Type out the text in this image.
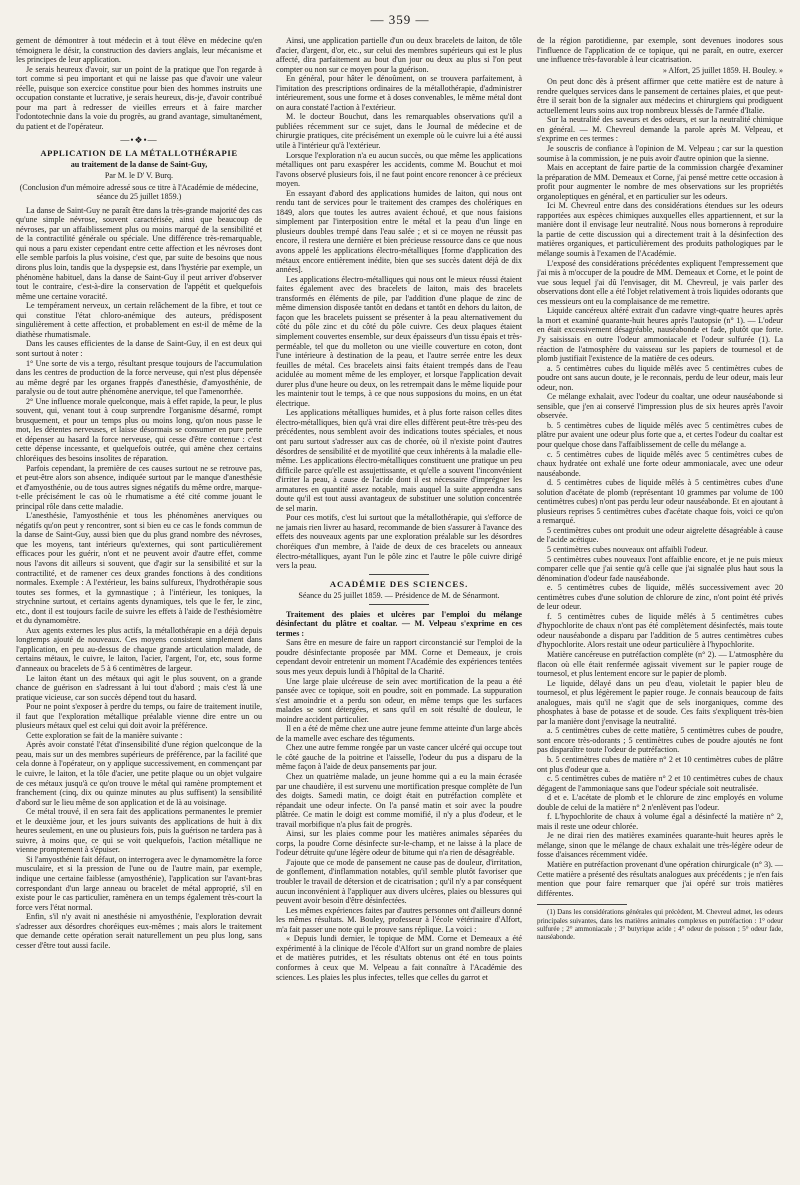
— 359 —

gement de démontrer à tout médecin et à tout élève en médecine qu'en témoignera le désir, la construction des daviers anglais, leur mécanisme et les principes de leur application.

Je serais heureux d'avoir, sur un point de la pratique que l'on regarde à tort comme si peu important et qui ne laisse pas que d'avoir une valeur réelle, puisque son exercice constitue pour bien des hommes instruits une occupation constante et lucrative, je serais heureux, dis-je, d'avoir contribué pour ma part à redresser de vieilles erreurs et à faire marcher l'odontotechnie dans la voie du progrès, au grand avantage, simultanément, du patient et de l'opérateur.

—•❖•—
APPLICATION DE LA MÉTALLOTHÉRAPIE
au traitement de la danse de Saint-Guy,
Par M. le D' V. Burq.
(Conclusion d'un mémoire adressé sous ce titre à l'Académie de médecine, séance du 25 juillet 1859.)

La danse de Saint-Guy ne paraît être dans la très-grande majorité des cas qu'une simple névrose, souvent caractérisée, ainsi que beaucoup de névroses, par un affaiblissement plus ou moins marqué de la sensibilité et de la contractilité générale ou spéciale. Une différence très-remarquable, qui nous a paru exister cependant entre cette affection et les névroses dont elle semble parfois la plus voisine, c'est que, par suite de besoins que nous dirons plus loin, tandis que la dyspepsie est, dans l'hystérie par exemple, un phénomène habituel, dans la danse de Saint-Guy il peut arriver d'observer tout le contraire, c'est-à-dire la conservation de l'appétit et quelquefois même une certaine voracité.

Le tempérament nerveux, un certain relâchement de la fibre, et tout ce qui constitue l'état chloro-anémique des auteurs, prédisposent singulièrement à cette affection, et probablement en est-il de même de la diathèse rhumatismale.

Dans les causes efficientes de la danse de Saint-Guy, il en est deux qui sont surtout à noter :

1° Une sorte de vis a tergo, résultant presque toujours de l'accumulation dans les centres de production de la force nerveuse, qui n'est plus dépensée au même degré par les organes frappés d'anesthésie, d'amyosthénie, de paralysie ou de tout autre phénomène anervique, tel que l'amenorrhée.

2° Une influence morale quelconque, mais à effet rapide, la peur, le plus souvent, qui, venant tout à coup surprendre l'organisme désarmé, rompt brusquement, et pour un temps plus ou moins long, qu'on nous passe le mot, les détentes nerveuses, et laisse désormais se consumer en pure perte et dépenser au hasard la force nerveuse, qui cesse d'être contenue : c'est cette dépense incessante, et quelquefois outrée, qui amène chez certains chloréiques des besoins insolites de réparation.

Parfois cependant, la première de ces causes surtout ne se retrouve pas, et peut-être alors son absence, indiquée surtout par le manque d'anesthésie et d'amyosthénie, ou de tous autres signes négatifs du même ordre, marque-t-elle précisément le cas où le rhumatisme a été cité comme jouant le principal rôle dans cette maladie.

L'anesthésie, l'amyosthénie et tous les phénomènes anerviques ou négatifs qu'on peut y rencontrer, sont si bien eu ce cas le fonds commun de la danse de Saint-Guy, aussi bien que du plus grand nombre des névroses, que les moyens, tant intérieurs qu'externes, qui sont particulièrement efficaces pour les guérir, n'ont et ne peuvent avoir d'autre effet, comme nous l'avons dit ailleurs si souvent, que d'agir sur la sensibilité et sur la contractilité, et de ramener ces deux grandes fonctions à des conditions normales. Exemple : A l'extérieur, les bains sulfureux, l'hydrothérapie sous toutes ses formes, et la gymnastique ; à l'intérieur, les toniques, la strychnine surtout, et certains agents dynamiques, tels que le fer, le zinc, etc., dont il est toujours facile de suivre les effets à l'aide de l'esthésiomètre et du dynamomètre.

Aux agents externes les plus actifs, la métallothérapie en a déjà depuis longtemps ajouté de nouveaux. Ces moyens consistent simplement dans l'application, en peu au-dessus de chaque grande articulation malade, de certains métaux, le cuivre, le laiton, l'acier, l'argent, l'or, etc, sous forme d'anneaux ou bracelets de 5 à 6 centimètres de largeur.

Le laiton étant un des métaux qui agit le plus souvent, on a grande chance de guérison en s'adressant à lui tout d'abord ; mais c'est là une pratique vicieuse, car son succès dépend tout du hasard.

Pour ne point s'exposer à perdre du temps, ou faire de traitement inutile, il faut que l'exploration métallique préalable vienne dire entre un ou plusieurs métaux quel est celui qui doit avoir la préférence.

Cette exploration se fait de la manière suivante :

Après avoir constaté l'état d'insensibilité d'une région quelconque de la peau, mais sur un des membres supérieurs de préférence, par la facilité que cela donne à l'opérateur, on y applique successivement, en commençant par le cuivre, le laiton, et la tôle d'acier, une petite plaque ou un objet vulgaire de ces métaux jusqu'à ce qu'on trouve le métal qui ramène promptement et franchement (cinq, dix ou quinze minutes au plus suffisent) la sensibilité d'abord sur le lieu même de son application et de là au voisinage.

Ce métal trouvé, il en sera fait des applications permanentes le premier et le deuxième jour, et les jours suivants des applications de huit à dix heures seulement, en une ou plusieurs fois, puis la guérison ne tardera pas à suivre, à moins que, ce qui se voit quelquefois, l'action métallique ne vienne promptement à s'épuiser.

Si l'amyosthénie fait défaut, on interrogera avec le dynamomètre la force musculaire, et si la pression de l'une ou de l'autre main, par exemple, indique une certaine faiblesse (amyosthénie), l'application sur l'avant-bras correspondant d'un large anneau ou bracelet de métal approprié, s'il en existe pour le cas particulier, ramènera en un temps également très-court la force vers l'état normal.

Enfin, s'il n'y avait ni anesthésie ni amyosthénie, l'exploration devrait s'adresser aux désordres choréiques eux-mêmes ; mais alors le traitement que demande cette opération serait naturellement un peu plus long, sans cesser d'être tout aussi facile.

Ainsi, une application partielle d'un ou deux bracelets de laiton, de tôle d'acier, d'argent, d'or, etc., sur celui des membres supérieurs qui est le plus affecté, dira parfaitement au bout d'un jour ou deux au plus si l'on peut compter ou non sur ce moyen pour la guérison.

En général, pour hâter le dénoûment, on se trouvera parfaitement, à l'imitation des prescriptions ordinaires de la métallothérapie, d'administrer intérieurement, sous une forme et à doses convenables, le même métal dont on aura constaté l'action à l'extérieur.

M. le docteur Bouchut, dans les remarquables observations qu'il a publiées récemment sur ce sujet, dans le Journal de médecine et de chirurgie pratiques, cite précisément un exemple où le cuivre lui a été aussi utile à l'intérieur qu'à l'extérieur.

Lorsque l'exploration n'a eu aucun succès, ou que même les applications métalliques ont paru exaspérer les accidents, comme M. Bouchut et moi l'avons observé plusieurs fois, il ne faut point encore renoncer à ce précieux moyen.

En essayant d'abord des applications humides de laiton, qui nous ont rendu tant de services pour le traitement des crampes des cholériques en 1849, alors que toutes les autres avaient échoué, et que nous faisions simplement par l'interposition entre le métal et la peau d'un linge en plusieurs doubles trempé dans l'eau salée ; et si ce moyen ne réussit pas encore, il restera une dernière et bien précieuse ressource dans ce que nous avons appelé les applications électro-métalliques [forme d'application des métaux encore entièrement inédite, bien que ses succès datent déjà de dix années].

Les applications électro-métalliques qui nous ont le mieux réussi étaient faites également avec des bracelets de laiton, mais des bracelets transformés en éléments de pile, par l'addition d'une plaque de zinc de même dimension disposée tantôt en dedans et tantôt en dehors du laiton, de façon que les bracelets puissent se présenter à la peau alternativement du côté du pôle zinc et du côté du pôle cuivre. Ces deux plaques étaient simplement couvertes ensemble, sur deux épaisseurs d'un tissu épais et très-perméable, tel que du molleton ou une vieille couverture en coton, dont l'une intérieure à destination de la peau, et l'autre serrée entre les deux feuilles de métal. Ces bracelets ainsi faits étaient trempés dans de l'eau acidulée au moment même de les employer, et lorsque l'application devait durer plus d'une heure ou deux, on les retrempait dans le même liquide pour les maintenir tout le temps, à ce que nous supposions du moins, en un état électrique.

Les applications métalliques humides, et à plus forte raison celles dites électro-métalliques, bien qu'à vrai dire elles diffèrent peut-être très-peu des précédentes, nous semblent avoir des indications toutes spéciales, et nous ont paru surtout s'adresser aux cas de chorée, où il n'existe point d'autres désordres de sensibilité et de myotilité que ceux inhérents à la maladie elle-même. Les applications électro-métalliques constituent une pratique un peu difficile parce qu'elle est assujettissante, et qu'elle a souvent l'inconvénient d'irriter la peau, à cause de l'acide dont il est nécessaire d'imprégner les armatures en quantité assez notable, mais auquel la suite apprendra sans doute qu'il est tout aussi avantageux de substituer une solution concentrée de sel marin.

Pour ces motifs, c'est lui surtout que la métallothérapie, qui s'efforce de ne jamais rien livrer au hasard, recommande de bien s'assurer à l'avance des effets des nouveaux agents par une exploration préalable sur les désordres choréiques d'un membre, à l'aide de deux de ces bracelets ou anneaux électro-métalliques, ayant l'un le pôle zinc et l'autre le pôle cuivre dirigé vers la peau.

ACADÉMIE DES SCIENCES.
Séance du 25 juillet 1859. — Présidence de M. de Sénarmont.

Traitement des plaies et ulcères par l'emploi du mélange désinfectant du plâtre et coaltar. — M. Velpeau s'exprime en ces termes :

Sans être en mesure de faire un rapport circonstancié sur l'emploi de la poudre désinfectante proposée par MM. Corne et Demeaux, je crois cependant devoir entretenir un moment l'Académie des expériences tentées sous mes yeux depuis lundi à l'hôpital de la Charité.

Une large plaie ulcéreuse de sein avec mortification de la peau a été pansée avec ce topique, soit en poudre, soit en pommade. La suppuration s'est amoindrie et a perdu son odeur, en même temps que les surfaces malades se sont détergées, et sans qu'il en soit résulté de douleur, le moindre accident particulier.

Il en a été de même chez une autre jeune femme atteinte d'un large abcès de la mamelle avec eschare des téguments.

Chez une autre femme rongée par un vaste cancer ulcéré qui occupe tout le côté gauche de la poitrine et l'aisselle, l'odeur du pus a disparu de la même façon à l'aide de deux pansements par jour.

Chez un quatrième malade, un jeune homme qui a eu la main écrasée par une chaudière, il est survenu une mortification presque complète de l'un des doigts. Samedi matin, ce doigt était en putréfaction complète et répandait une odeur infecte. On l'a pansé matin et soir avec la poudre plâtrée. Ce matin le doigt est comme momifié, il n'y a plus d'odeur, et le travail morbifique n'a plus fait de progrès.

Ainsi, sur les plaies comme pour les matières animales séparées du corps, la poudre Corne désinfecte sur-le-champ, et ne laisse à la place de l'odeur détruite qu'une légère odeur de bitume qui n'a rien de désagréable.

J'ajoute que ce mode de pansement ne cause pas de douleur, d'irritation, de gonflement, d'inflammation notables, qu'il semble plutôt favoriser que troubler le travail de détersion et de cicatrisation ; qu'il n'y a par conséquent aucun inconvénient à l'appliquer aux divers ulcères, plaies ou blessures qui peuvent avoir besoin d'être désinfectées.

Les mêmes expériences faites par d'autres personnes ont d'ailleurs donné les mêmes résultats. M. Bouley, professeur à l'école vétérinaire d'Alfort, m'a fait passer une note qui le prouve sans réplique. La voici :

« Depuis lundi dernier, le topique de MM. Corne et Demeaux a été expérimenté à la clinique de l'école d'Alfort sur un grand nombre de plaies et de matières putrides, et les résultats obtenus ont été en tous points conformes à ceux que M. Velpeau a fait connaître à l'Académie des sciences. Les plaies les plus infectes, telles que celles du garrot et

de la région parotidienne, par exemple, sont devenues inodores sous l'influence de l'application de ce topique, qui ne paraît, en outre, exercer une influence très-favorable à leur cicatrisation.

» Alfort, 25 juillet 1859. H. Bouley. »

On peut donc dès à présent affirmer que cette matière est de nature à rendre quelques services dans le pansement de certaines plaies, et que peut-être il serait bon de la signaler aux médecins et chirurgiens qui prodiguent actuellement leurs soins aux trop nombreux blessés de l'armée d'Italie.

Sur la neutralité des saveurs et des odeurs, et sur la neutralité chimique en général. — M. Chevreul demande la parole après M. Velpeau, et s'exprime en ces termes :

Je souscris de confiance à l'opinion de M. Velpeau ; car sur la question soumise à la commission, je ne puis avoir d'autre opinion que la sienne.

Mais en acceptant de faire partie de la commission chargée d'examiner la préparation de MM. Demeaux et Corne, j'ai pensé mettre cette occasion à profit pour augmenter le nombre de mes observations sur les propriétés organoleptiques en général, et en particulier sur les odeurs.

Ici M. Chevreul entre dans des considérations étendues sur les odeurs rapportées aux espèces chimiques auxquelles elles appartiennent, et sur la manière dont il envisage leur neutralité. Nous nous bornerons à reproduire la partie de cette discussion qui a directement trait à la désinfection des matières organiques, et particulièrement des produits pathologiques par le mélange soumis à l'examen de l'Académie.

L'exposé des considérations précédentes expliquent l'empressement que j'ai mis à m'occuper de la poudre de MM. Demeaux et Corne, et le point de vue sous lequel j'ai dû l'envisager, dit M. Chevreul, je vais parler des observations dont elle a été l'objet relativement à trois liquides odorants que ces messieurs ont eu la complaisance de me remettre.

Liquide cancéreux altéré extrait d'un cadavre vingt-quatre heures après la mort et examiné quarante-huit heures après l'autopsie (n° 1). — L'odeur en était excessivement désagréable, nauséabonde et fade, plutôt que forte. J'y saisissais en outre l'odeur ammoniacale et l'odeur sulfurée (1). La réaction de l'atmosphère du vaisseau sur les papiers de tournesol et de plomb justifiait l'existence de la matière de ces odeurs.

a. 5 centimètres cubes du liquide mêlés avec 5 centimètres cubes de poudre ont sans aucun doute, je le reconnais, perdu de leur odeur, mais leur odeur, non.

Ce mélange exhalait, avec l'odeur du coaltar, une odeur nauséabonde si sensible, que j'en ai conservé l'impression plus de six heures après l'avoir observée.

b. 5 centimètres cubes de liquide mêlés avec 5 centimètres cubes de plâtre pur avaient une odeur plus forte que a, et certes l'odeur du coaltar est pour quelque chose dans l'affaiblissement de celle du mélange a.

c. 5 centimètres cubes de liquide mêlés avec 5 centimètres cubes de chaux hydratée ont exhalé une forte odeur ammoniacale, avec une odeur nauséabonde.

d. 5 centimètres cubes de liquide mêlés à 5 centimètres cubes d'une solution d'acétate de plomb (représentant 10 grammes par volume de 100 centimètres cubes) n'ont pas perdu leur odeur nauséabonde. Et en ajoutant à plusieurs reprises 5 centimètres cubes d'acétate chaque fois, voici ce qu'on a remarqué.

5 centimètres cubes ont produit une odeur aigrelette désagréable à cause de l'acide acétique.

5 centimètres cubes nouveaux ont affaibli l'odeur.

5 centimètres cubes nouveaux l'ont affaiblie encore, et je ne puis mieux comparer celle que j'ai sentie qu'à celle que j'ai signalée plus haut sous la dénomination d'odeur fade nauséabonde.

e. 5 centimètres cubes de liquide, mêlés successivement avec 20 centimètres cubes d'une solution de chlorure de zinc, n'ont point été privés de leur odeur.

f. 5 centimètres cubes de liquide mêlés à 5 centimètres cubes d'hypochlorite de chaux n'ont pas été complètement désinfectés, mais toute odeur nauséabonde a disparu par l'addition de 5 autres centimètres cubes d'hypochlorite. Alors restait une odeur particulière à l'hypochlorite.

Matière cancéreuse en putréfaction complète (n° 2). — L'atmosphère du flacon où elle était renfermée agissait vivement sur le papier rouge de tournesol, et plus lentement encore sur le papier de plomb.

Le liquide, délayé dans un peu d'eau, violetait le papier bleu de tournesol, et plus légèrement le papier rouge. Je connais beaucoup de faits analogues, mais qu'il ne s'agit que de sels inorganiques, comme des phosphates à base de potasse et de soude. Ces faits s'expliquent très-bien par la manière dont j'envisage la neutralité.

a. 5 centimètres cubes de cette matière, 5 centimètres cubes de poudre, sont encore très-odorants ; 5 centimètres cubes de poudre ajoutés ne font pas disparaître toute l'odeur de putréfaction.

b. 5 centimètres cubes de matière n° 2 et 10 centimètres cubes de plâtre ont plus d'odeur que a.

c. 5 centimètres cubes de matière n° 2 et 10 centimètres cubes de chaux dégagent de l'ammoniaque sans que l'odeur spéciale soit neutralisée.

d et e. L'acétate de plomb et le chlorure de zinc employés en volume double de celui de la matière n° 2 n'enlèvent pas l'odeur.

f. L'hypochlorite de chaux à volume égal a désinfecté la matière n° 2, mais il reste une odeur chlorée.

Je ne dirai rien des matières examinées quarante-huit heures après le mélange, sinon que le mélange de chaux exhalait une très-légère odeur de fosse d'aisances récemment vidée.

Matière en putréfaction provenant d'une opération chirurgicale (n° 3). — Cette matière a présenté des résultats analogues aux précédents ; je n'en fais mention que pour faire remarquer que j'ai opéré sur trois matières différentes.

(1) Dans les considérations générales qui précèdent, M. Chevreul admet, les odeurs principales suivantes, dans les matières animales complexes en putréfaction : 1° odeur sulfurée ; 2° ammoniacale ; 3° butyrique acide ; 4° odeur de poisson ; 5° odeur fade, nauséabonde.
